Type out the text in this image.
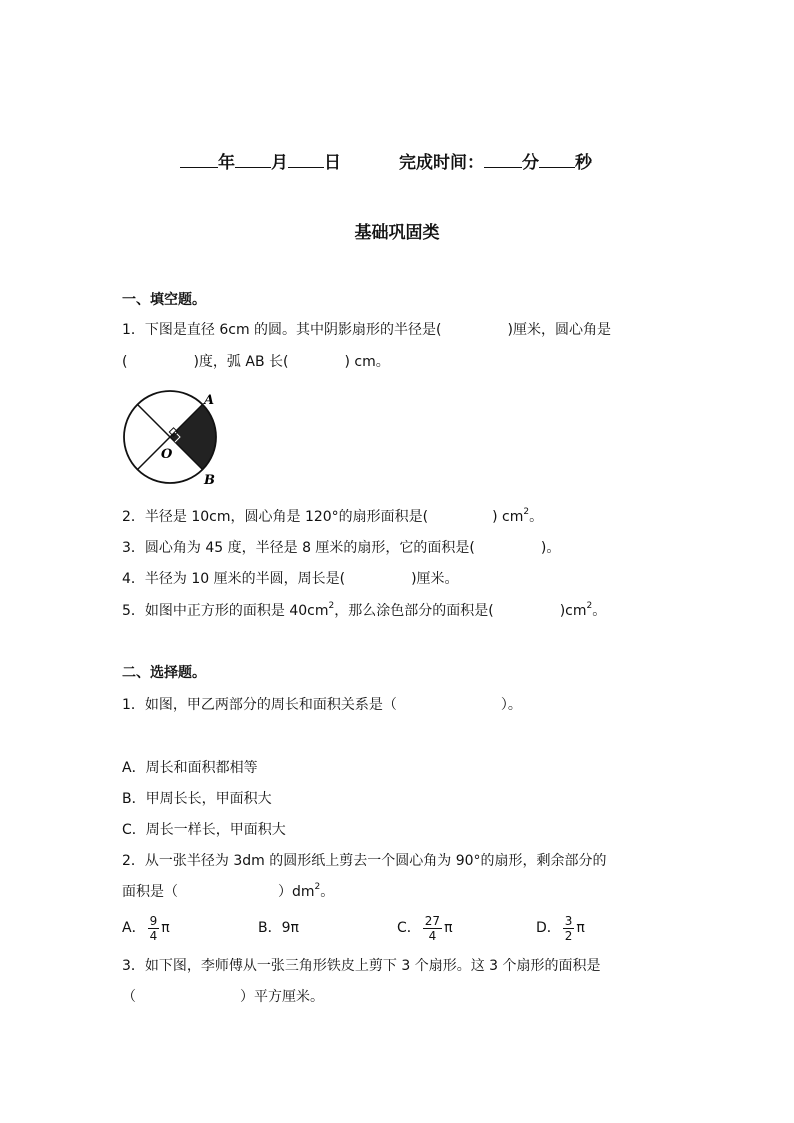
年 月 日	完成时间： 分 秒
基础巩固类
一、填空题。
1．下图是直径 6cm 的圆。其中阴影扇形的半径是(	)厘米，圆心角是
(	)度，弧 AB 长(	) cm。
A
B
O
2．半径是 10cm，圆心角是 120°的扇形面积是(	) $cm^2$。
3．圆心角为 45 度，半径是 8 厘米的扇形，它的面积是(	)。
4．半径为 10 厘米的半圆，周长是(	)厘米。
5．如图中正方形的面积是 $40cm^2$，那么涂色部分的面积是(	)$cm^2$。
二、选择题。
1．如图，甲乙两部分的周长和面积关系是（	）。
A．周长和面积都相等
B．甲周长长，甲面积大
C．周长一样长，甲面积大
2．从一张半径为 3dm 的圆形纸上剪去一个圆心角为 90°的扇形，剩余部分的
面积是（	）$dm^2$。
A． $\frac{9}{4}$ π	B．9π	C． $\frac{27}{4}$ π	D． $\frac{3}{2}$ π
3．如下图，李师傅从一张三角形铁皮上剪下 3 个扇形。这 3 个扇形的面积是
（	）平方厘米。
